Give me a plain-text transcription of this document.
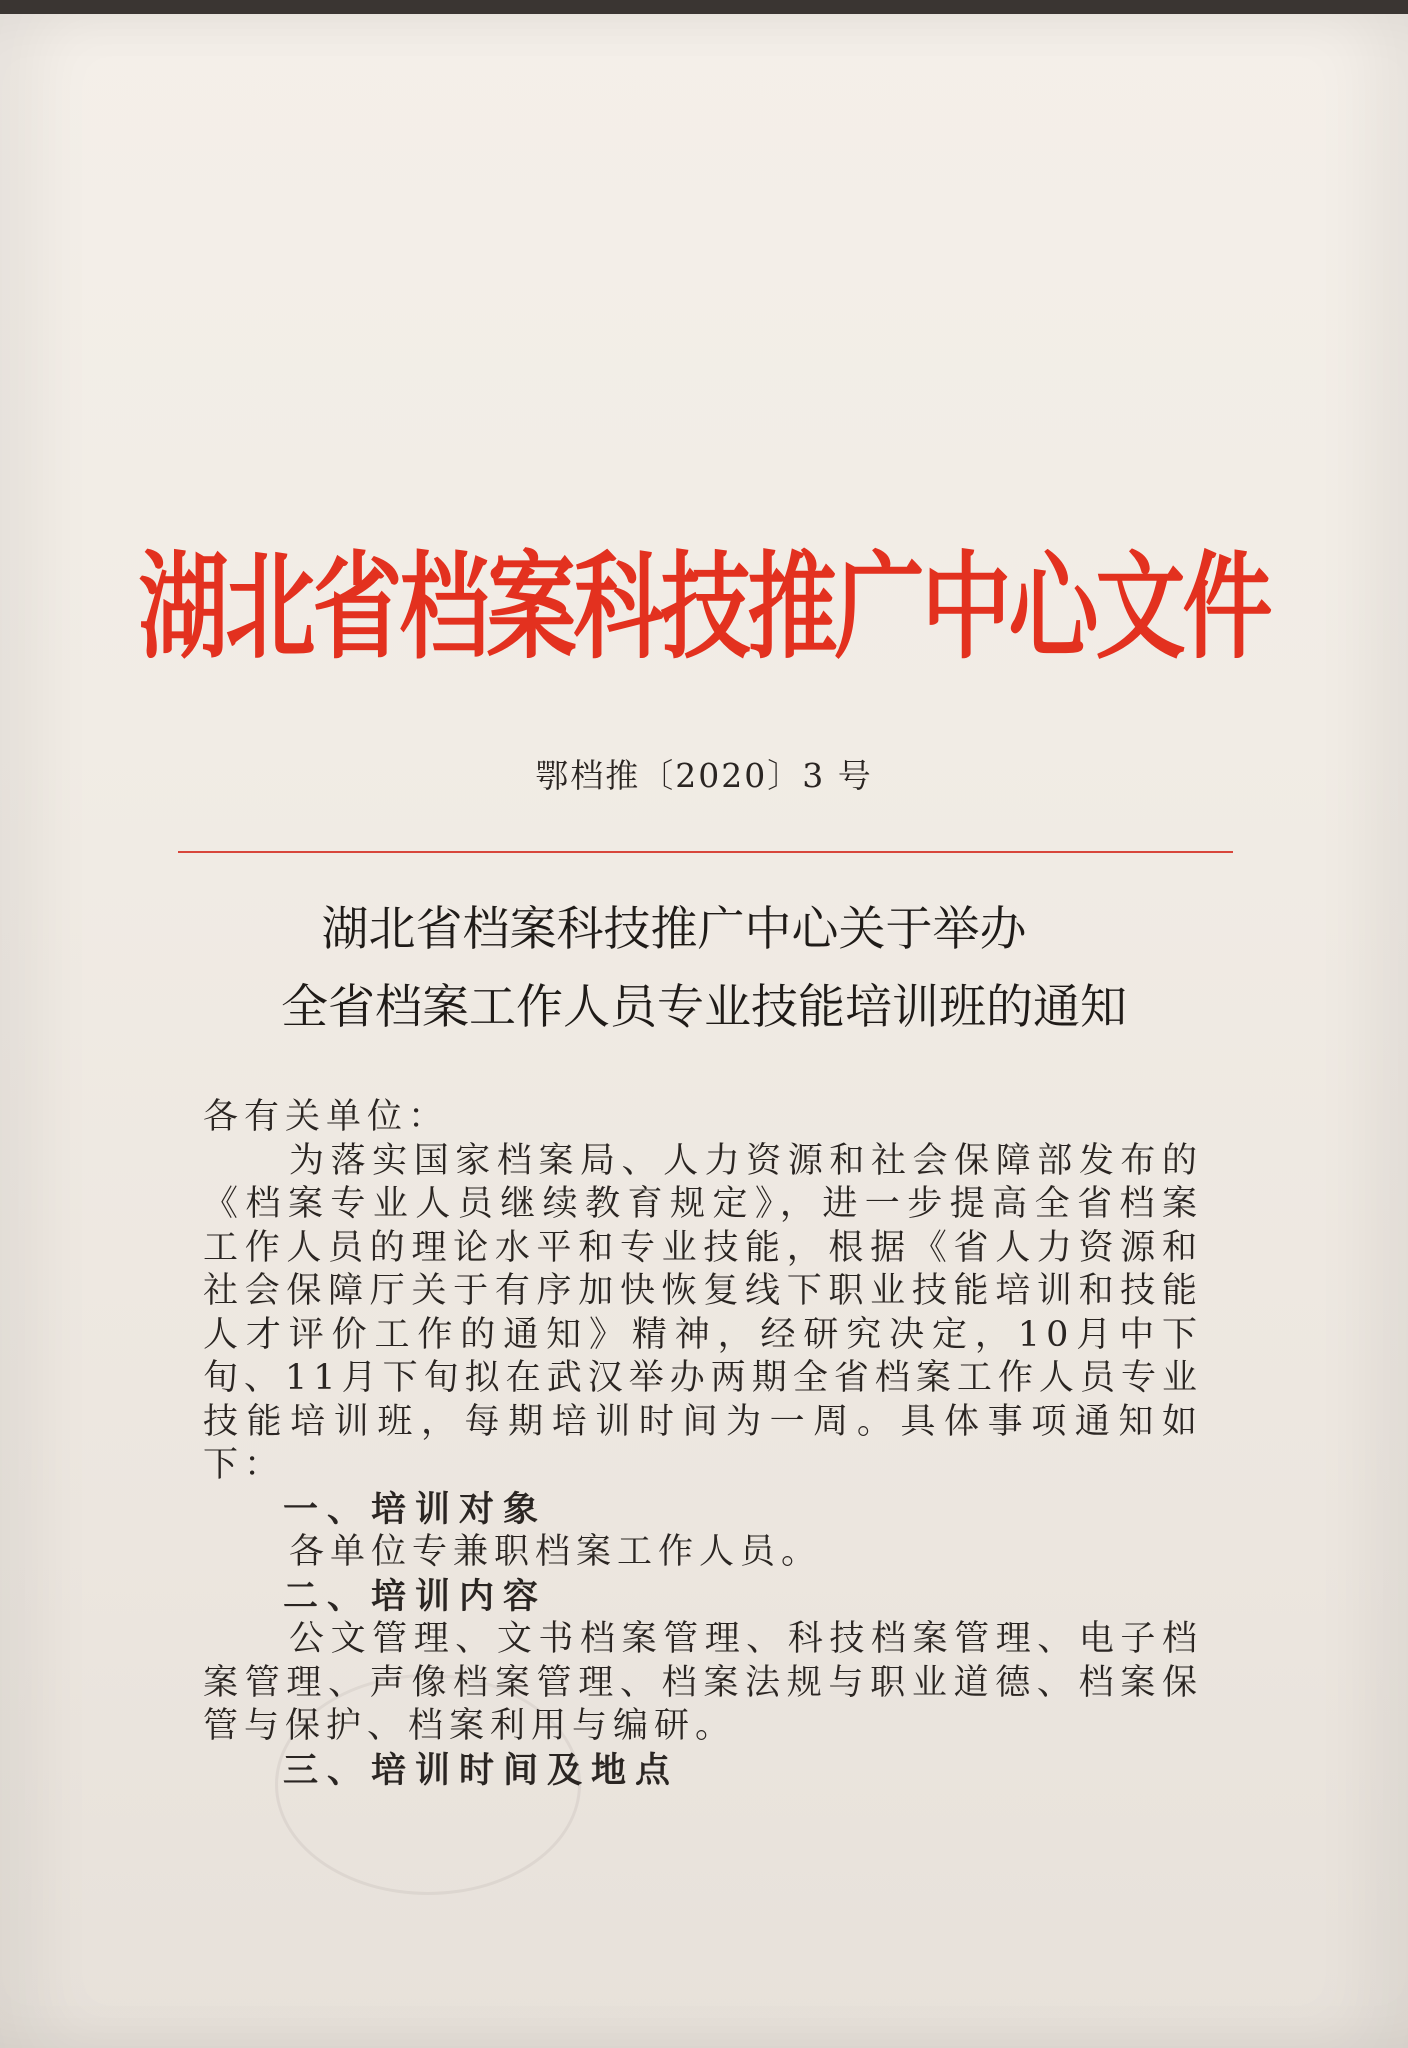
湖北省档案科技推广中心文件
鄂档推〔2020〕3 号
湖北省档案科技推广中心关于举办
全省档案工作人员专业技能培训班的通知

各有关单位：

为落实国家档案局、人力资源和社会保障部发布的《档案专业人员继续教育规定》，进一步提高全省档案工作人员的理论水平和专业技能，根据《省人力资源和社会保障厅关于有序加快恢复线下职业技能培训和技能人才评价工作的通知》精神，经研究决定，10月中下旬、11月下旬拟在武汉举办两期全省档案工作人员专业技能培训班，每期培训时间为一周。具体事项通知如下：

一、培训对象

各单位专兼职档案工作人员。

二、培训内容

公文管理、文书档案管理、科技档案管理、电子档案管理、声像档案管理、档案法规与职业道德、档案保管与保护、档案利用与编研。

三、培训时间及地点
